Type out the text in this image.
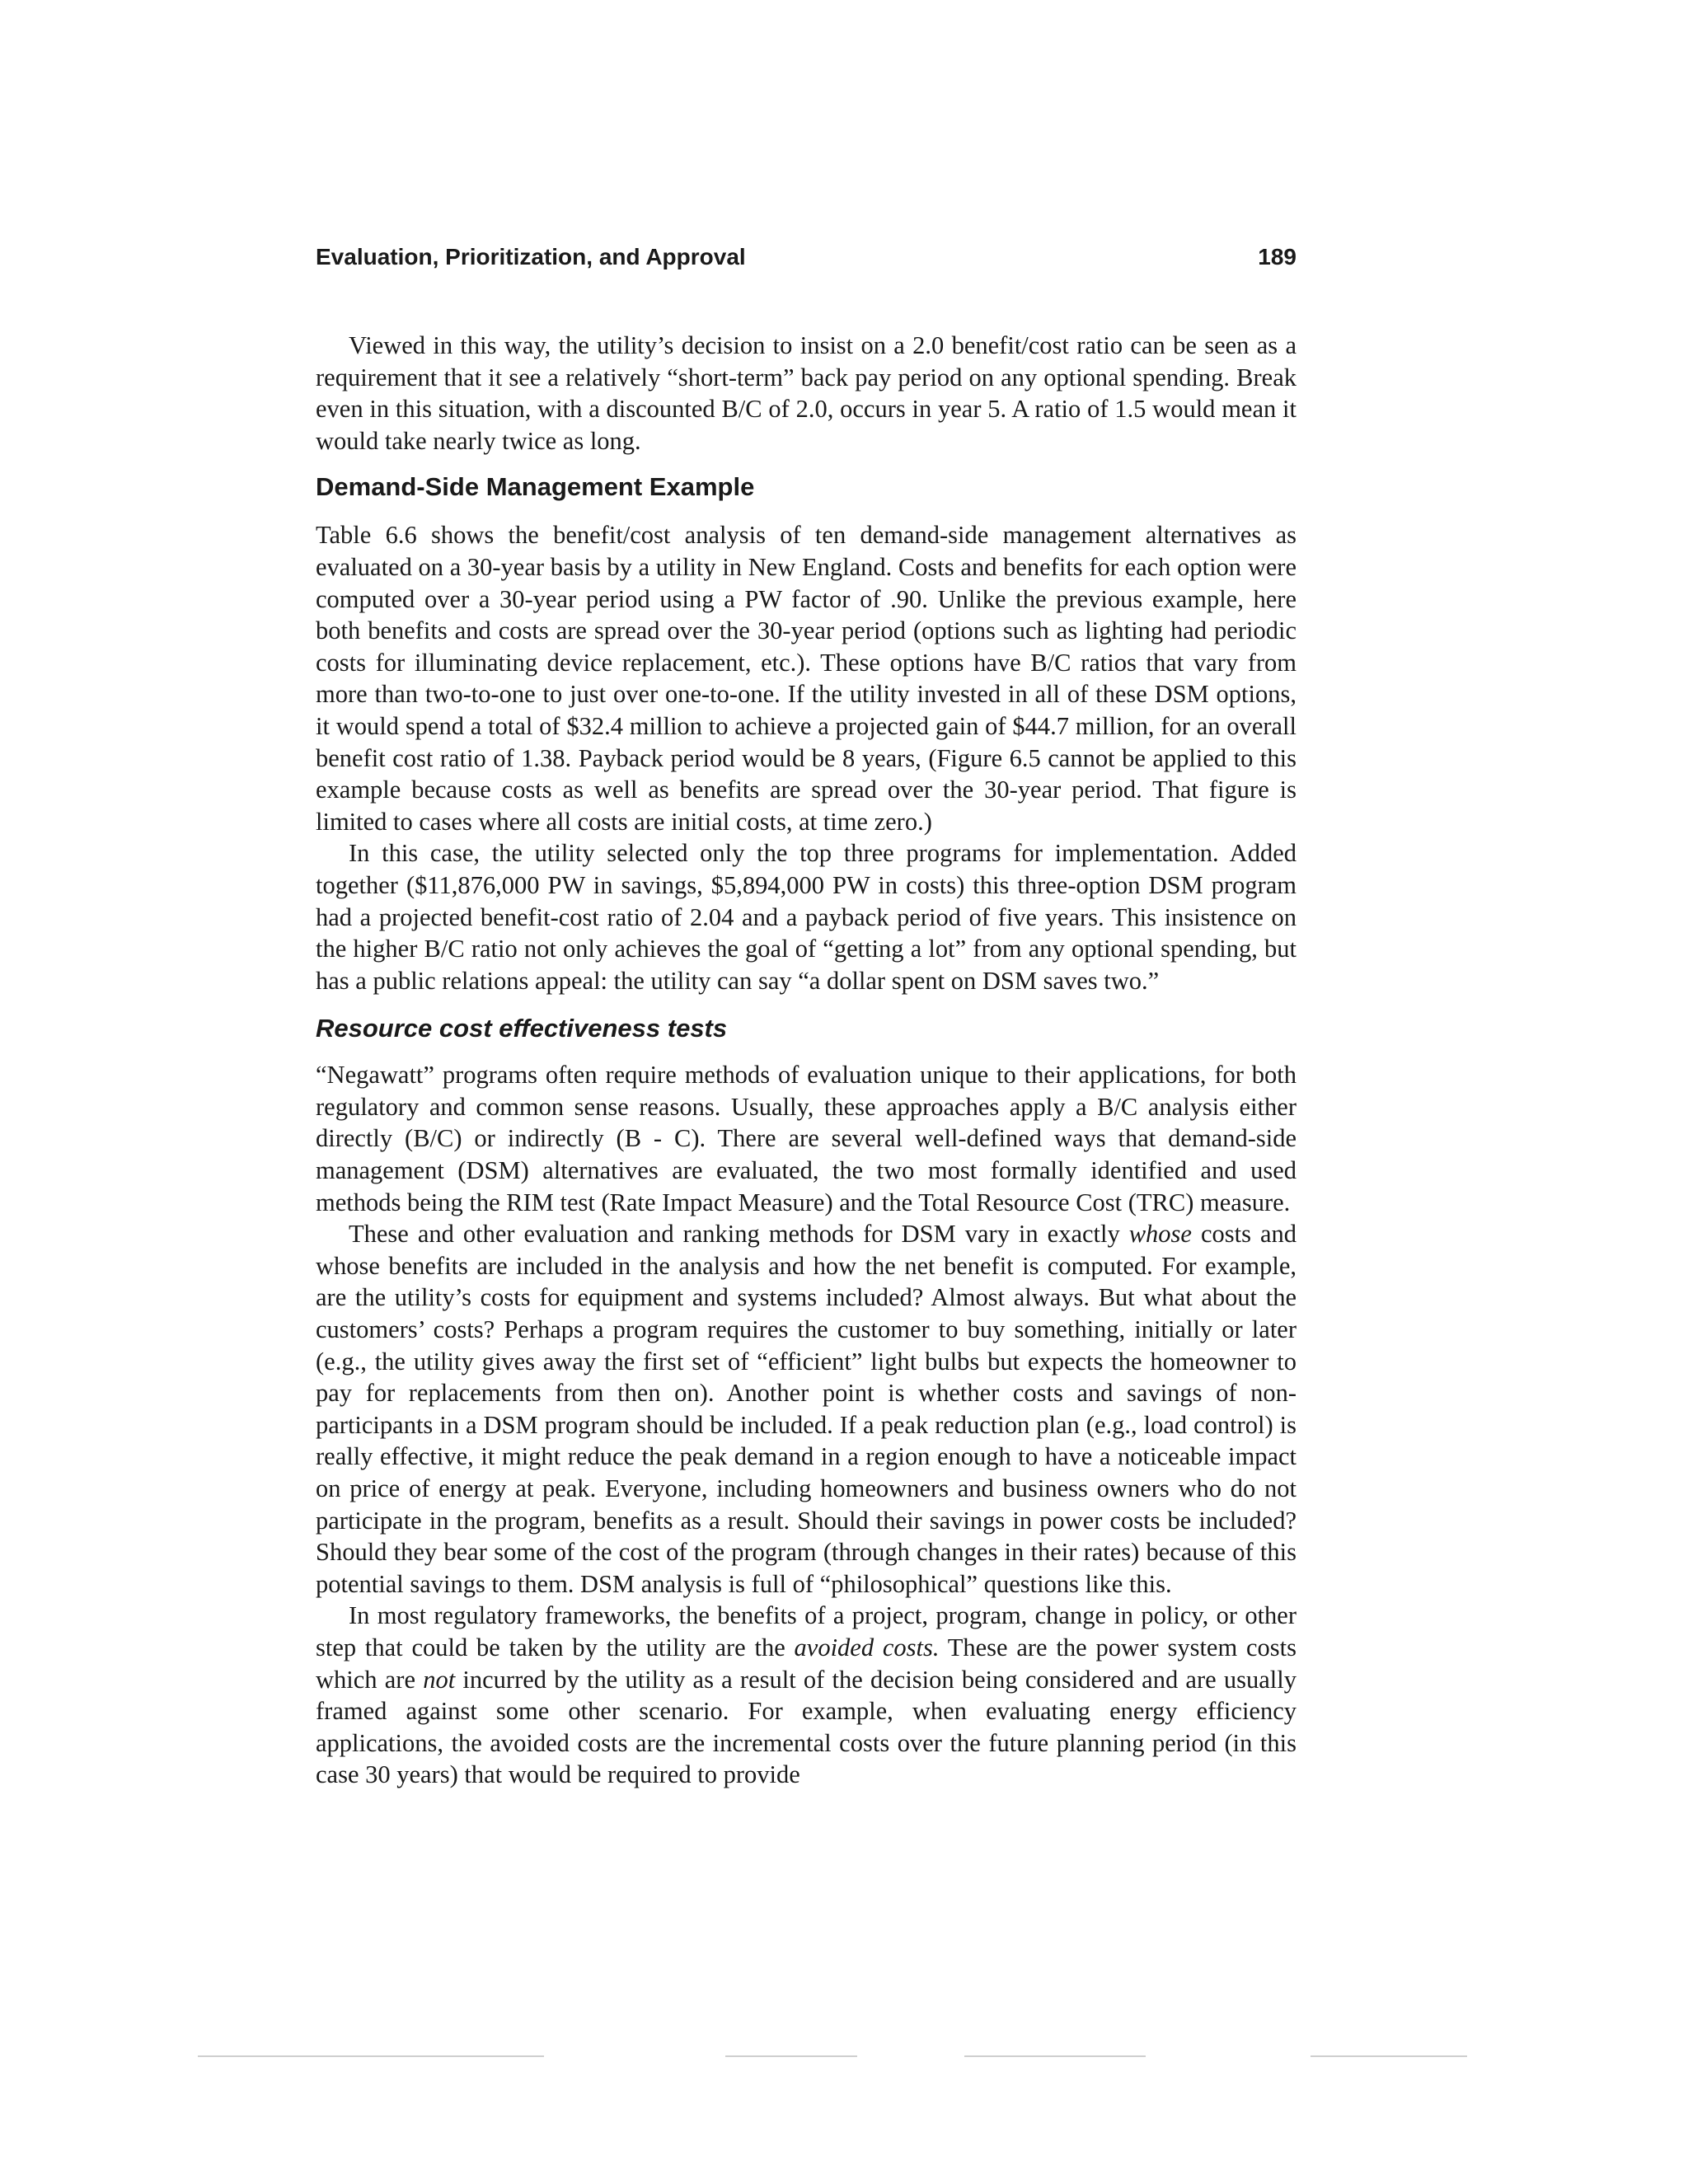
Evaluation, Prioritization, and Approval	189

Viewed in this way, the utility’s decision to insist on a 2.0 benefit/cost ratio can be seen as a requirement that it see a relatively “short-term” back pay period on any optional spending. Break even in this situation, with a discounted B/C of 2.0, occurs in year 5. A ratio of 1.5 would mean it would take nearly twice as long.

Demand-Side Management Example

Table 6.6 shows the benefit/cost analysis of ten demand-side management alternatives as evaluated on a 30-year basis by a utility in New England. Costs and benefits for each option were computed over a 30-year period using a PW factor of .90. Unlike the previous example, here both benefits and costs are spread over the 30-year period (options such as lighting had periodic costs for illuminating device replacement, etc.). These options have B/C ratios that vary from more than two-to-one to just over one-to-one. If the utility invested in all of these DSM options, it would spend a total of $32.4 million to achieve a projected gain of $44.7 million, for an overall benefit cost ratio of 1.38. Payback period would be 8 years, (Figure 6.5 cannot be applied to this example because costs as well as benefits are spread over the 30-year period. That figure is limited to cases where all costs are initial costs, at time zero.)

In this case, the utility selected only the top three programs for implementation. Added together ($11,876,000 PW in savings, $5,894,000 PW in costs) this three-option DSM program had a projected benefit-cost ratio of 2.04 and a payback period of five years. This insistence on the higher B/C ratio not only achieves the goal of “getting a lot” from any optional spending, but has a public relations appeal: the utility can say “a dollar spent on DSM saves two.”

Resource cost effectiveness tests

“Negawatt” programs often require methods of evaluation unique to their applications, for both regulatory and common sense reasons. Usually, these approaches apply a B/C analysis either directly (B/C) or indirectly (B - C). There are several well-defined ways that demand-side management (DSM) alternatives are evaluated, the two most formally identified and used methods being the RIM test (Rate Impact Measure) and the Total Resource Cost (TRC) measure.

These and other evaluation and ranking methods for DSM vary in exactly whose costs and whose benefits are included in the analysis and how the net benefit is computed. For example, are the utility’s costs for equipment and systems included? Almost always. But what about the customers’ costs? Perhaps a program requires the customer to buy something, initially or later (e.g., the utility gives away the first set of “efficient” light bulbs but expects the homeowner to pay for replacements from then on). Another point is whether costs and savings of non-participants in a DSM program should be included. If a peak reduction plan (e.g., load control) is really effective, it might reduce the peak demand in a region enough to have a noticeable impact on price of energy at peak. Everyone, including homeowners and business owners who do not participate in the program, benefits as a result. Should their savings in power costs be included? Should they bear some of the cost of the program (through changes in their rates) because of this potential savings to them. DSM analysis is full of “philosophical” questions like this.

In most regulatory frameworks, the benefits of a project, program, change in policy, or other step that could be taken by the utility are the avoided costs. These are the power system costs which are not incurred by the utility as a result of the decision being considered and are usually framed against some other scenario. For example, when evaluating energy efficiency applications, the avoided costs are the incremental costs over the future planning period (in this case 30 years) that would be required to provide
